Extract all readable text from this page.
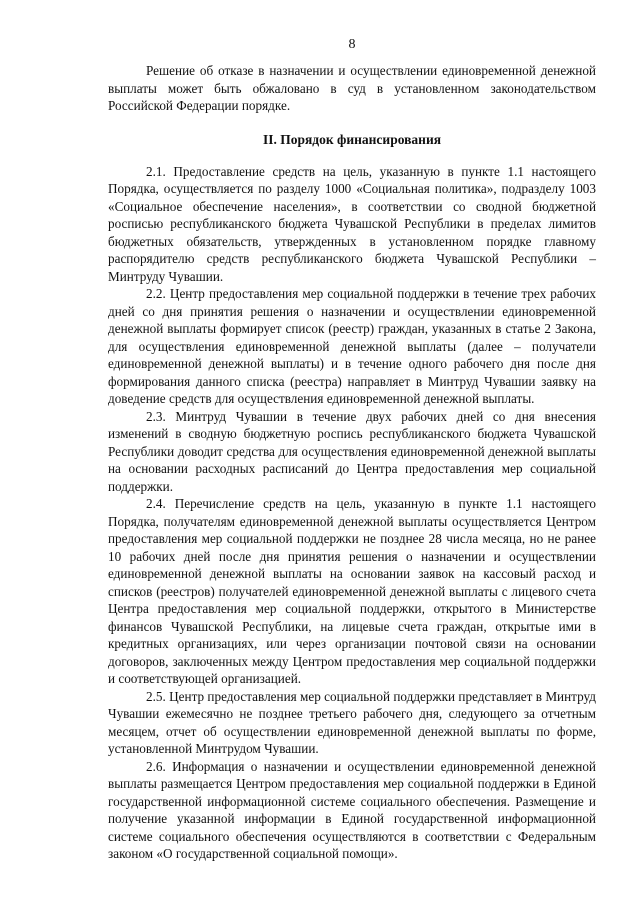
8

Решение об отказе в назначении и осуществлении единовременной денежной выплаты может быть обжаловано в суд в установленном законодательством Российской Федерации порядке.

II. Порядок финансирования

2.1. Предоставление средств на цель, указанную в пункте 1.1 настоящего Порядка, осуществляется по разделу 1000 «Социальная политика», подразделу 1003 «Социальное обеспечение населения», в соответствии со сводной бюджетной росписью республиканского бюджета Чувашской Республики в пределах лимитов бюджетных обязательств, утвержденных в установленном порядке главному распорядителю средств республиканского бюджета Чувашской Республики – Минтруду Чувашии.

2.2. Центр предоставления мер социальной поддержки в течение трех рабочих дней со дня принятия решения о назначении и осуществлении единовременной денежной выплаты формирует список (реестр) граждан, указанных в статье 2 Закона, для осуществления единовременной денежной выплаты (далее – получатели единовременной денежной выплаты) и в течение одного рабочего дня после дня формирования данного списка (реестра) направляет в Минтруд Чувашии заявку на доведение средств для осуществления единовременной денежной выплаты.

2.3. Минтруд Чувашии в течение двух рабочих дней со дня внесения изменений в сводную бюджетную роспись республиканского бюджета Чувашской Республики доводит средства для осуществления единовременной денежной выплаты на основании расходных расписаний до Центра предоставления мер социальной поддержки.

2.4. Перечисление средств на цель, указанную в пункте 1.1 настоящего Порядка, получателям единовременной денежной выплаты осуществляется Центром предоставления мер социальной поддержки не позднее 28 числа месяца, но не ранее 10 рабочих дней после дня принятия решения о назначении и осуществлении единовременной денежной выплаты на основании заявок на кассовый расход и списков (реестров) получателей единовременной денежной выплаты с лицевого счета Центра предоставления мер социальной поддержки, открытого в Министерстве финансов Чувашской Республики, на лицевые счета граждан, открытые ими в кредитных организациях, или через организации почтовой связи на основании договоров, заключенных между Центром предоставления мер социальной поддержки и соответствующей организацией.

2.5. Центр предоставления мер социальной поддержки представляет в Минтруд Чувашии ежемесячно не позднее третьего рабочего дня, следующего за отчетным месяцем, отчет об осуществлении единовременной денежной выплаты по форме, установленной Минтрудом Чувашии.

2.6. Информация о назначении и осуществлении единовременной денежной выплаты размещается Центром предоставления мер социальной поддержки в Единой государственной информационной системе социального обеспечения. Размещение и получение указанной информации в Единой государственной информационной системе социального обеспечения осуществляются в соответствии с Федеральным законом «О государственной социальной помощи».
